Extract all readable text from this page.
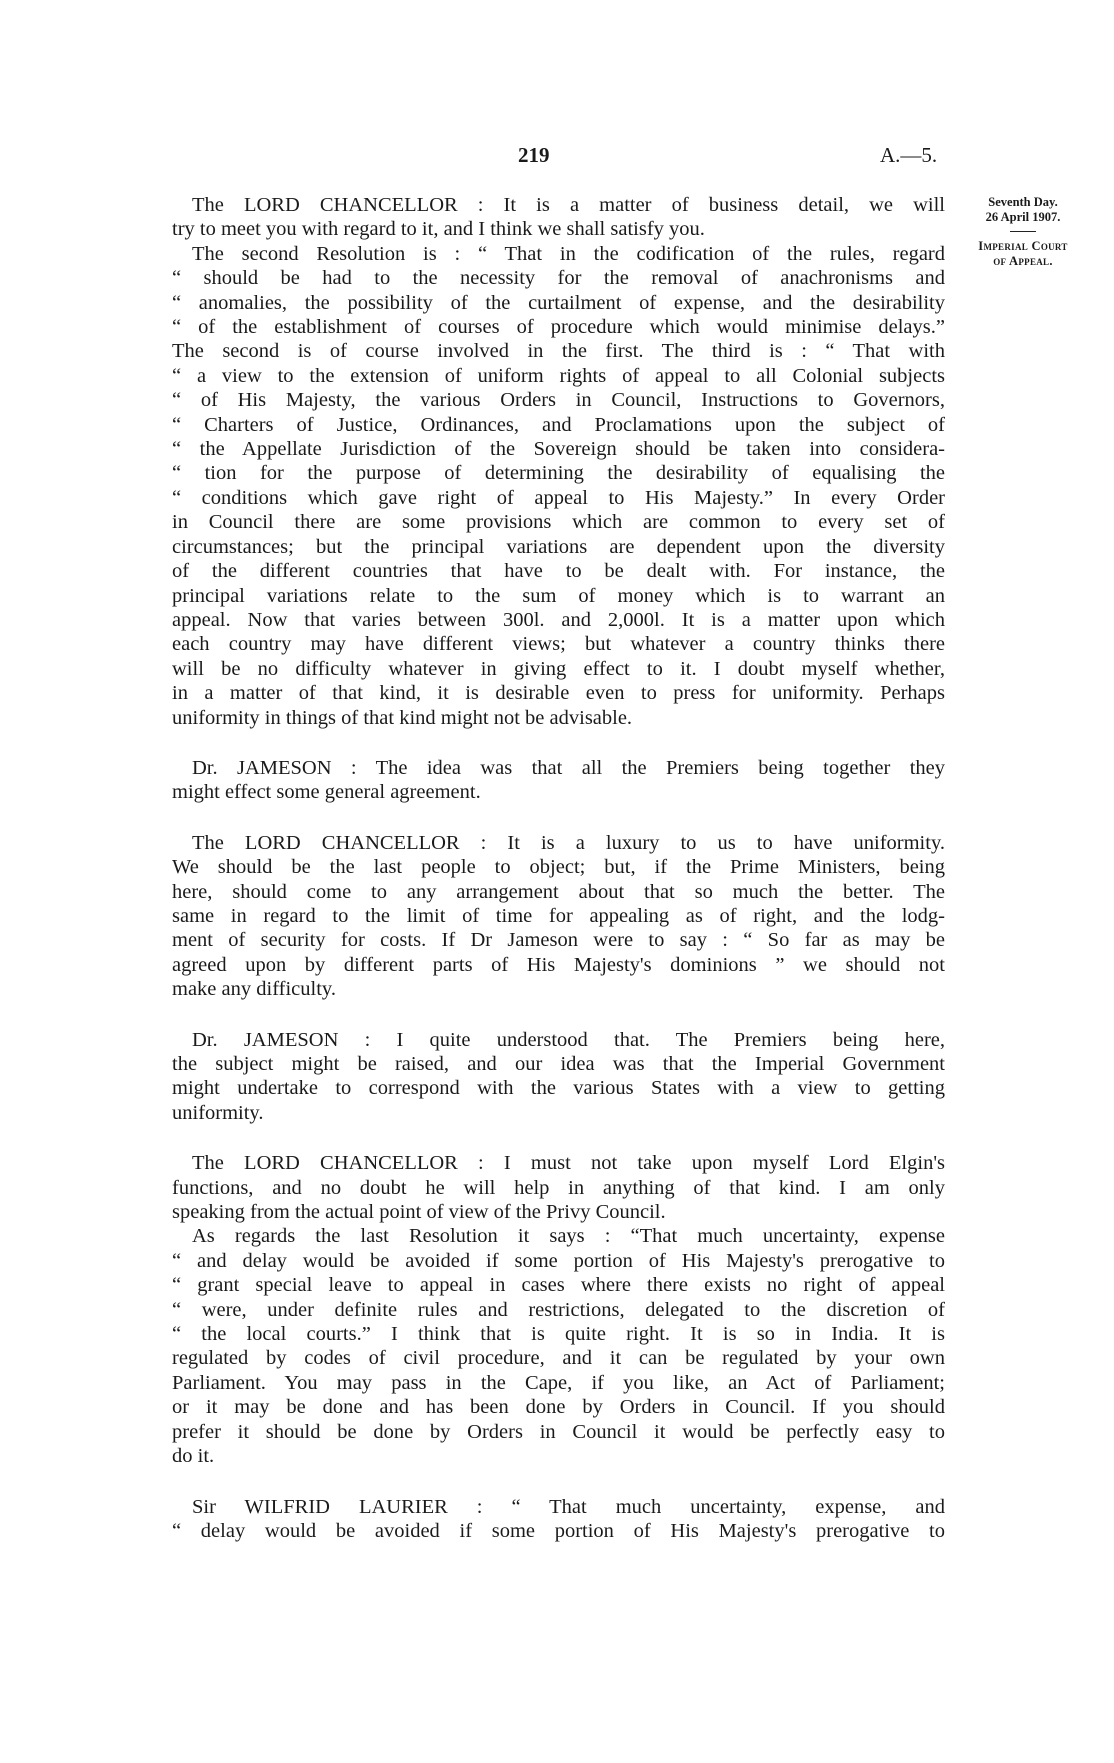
219	A.—5.
Seventh Day.
26 April 1907.
Imperial Court
of Appeal.
The LORD CHANCELLOR : It is a matter of business detail, we will
try to meet you with regard to it, and I think we shall satisfy you.
The second Resolution is : “ That in the codification of the rules, regard
“ should be had to the necessity for the removal of anachronisms and
“ anomalies, the possibility of the curtailment of expense, and the desirability
“ of the establishment of courses of procedure which would minimise delays.”
The second is of course involved in the first. The third is : “ That with
“ a view to the extension of uniform rights of appeal to all Colonial subjects
“ of His Majesty, the various Orders in Council, Instructions to Governors,
“ Charters of Justice, Ordinances, and Proclamations upon the subject of
“ the Appellate Jurisdiction of the Sovereign should be taken into considera-
“ tion for the purpose of determining the desirability of equalising the
“ conditions which gave right of appeal to His Majesty.” In every Order
in Council there are some provisions which are common to every set of
circumstances; but the principal variations are dependent upon the diversity
of the different countries that have to be dealt with. For instance, the
principal variations relate to the sum of money which is to warrant an
appeal. Now that varies between 300l. and 2,000l. It is a matter upon which
each country may have different views; but whatever a country thinks there
will be no difficulty whatever in giving effect to it. I doubt myself whether,
in a matter of that kind, it is desirable even to press for uniformity. Perhaps
uniformity in things of that kind might not be advisable.
Dr. JAMESON : The idea was that all the Premiers being together they
might effect some general agreement.
The LORD CHANCELLOR : It is a luxury to us to have uniformity.
We should be the last people to object; but, if the Prime Ministers, being
here, should come to any arrangement about that so much the better. The
same in regard to the limit of time for appealing as of right, and the lodg-
ment of security for costs. If Dr Jameson were to say : “ So far as may be
agreed upon by different parts of His Majesty's dominions ” we should not
make any difficulty.
Dr. JAMESON : I quite understood that. The Premiers being here,
the subject might be raised, and our idea was that the Imperial Government
might undertake to correspond with the various States with a view to getting
uniformity.
The LORD CHANCELLOR : I must not take upon myself Lord Elgin's
functions, and no doubt he will help in anything of that kind. I am only
speaking from the actual point of view of the Privy Council.
As regards the last Resolution it says : “That much uncertainty, expense
“ and delay would be avoided if some portion of His Majesty's prerogative to
“ grant special leave to appeal in cases where there exists no right of appeal
“ were, under definite rules and restrictions, delegated to the discretion of
“ the local courts.” I think that is quite right. It is so in India. It is
regulated by codes of civil procedure, and it can be regulated by your own
Parliament. You may pass in the Cape, if you like, an Act of Parliament;
or it may be done and has been done by Orders in Council. If you should
prefer it should be done by Orders in Council it would be perfectly easy to
do it.
Sir WILFRID LAURIER : “ That much uncertainty, expense, and
“ delay would be avoided if some portion of His Majesty's prerogative to
